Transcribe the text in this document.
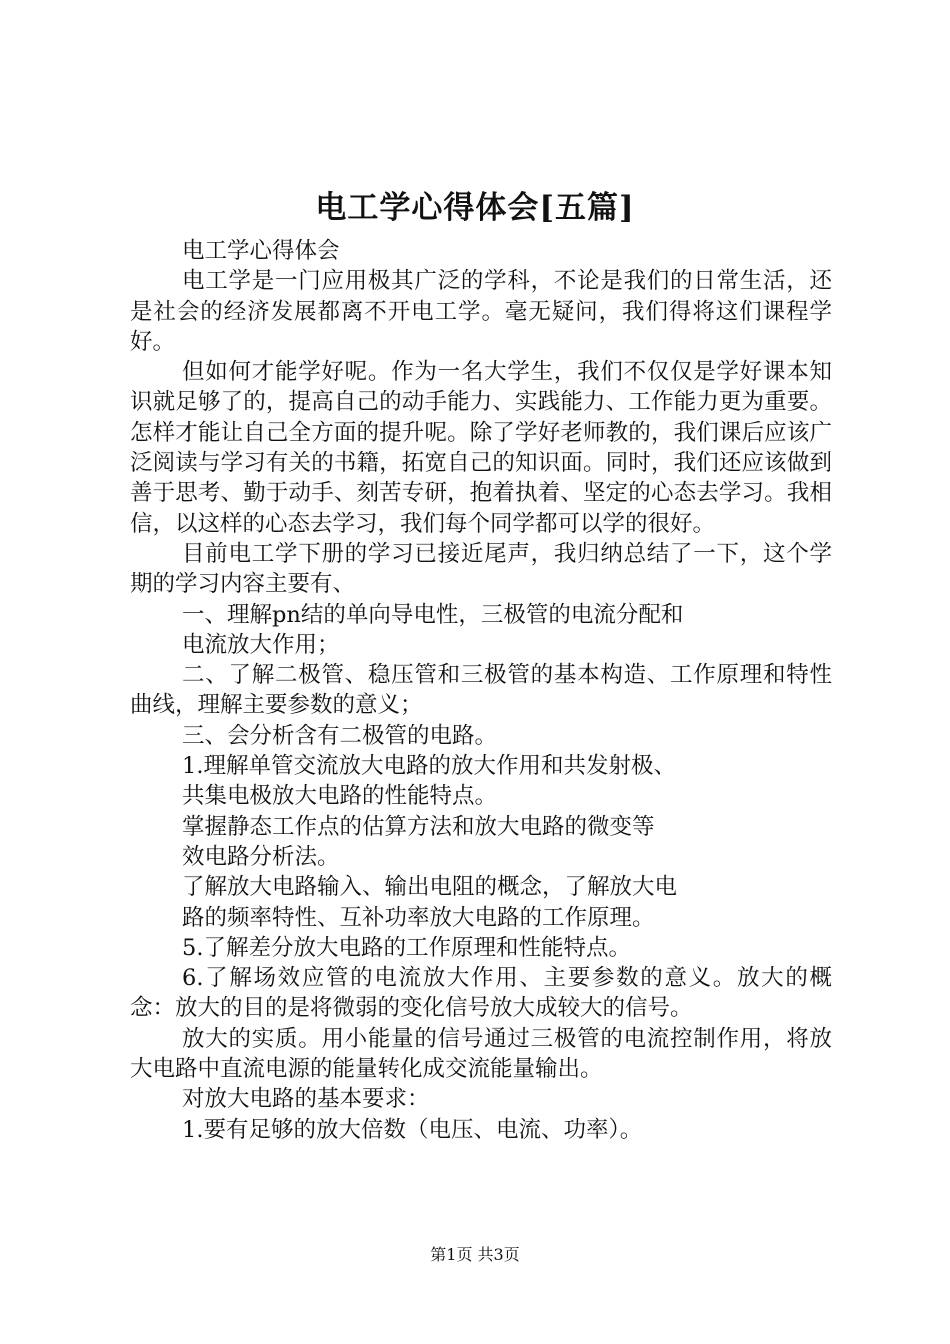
电工学心得体会[五篇]

电工学心得体会

电工学是一门应用极其广泛的学科，不论是我们的日常生活，还是社会的经济发展都离不开电工学。毫无疑问，我们得将这们课程学好。

但如何才能学好呢。作为一名大学生，我们不仅仅是学好课本知识就足够了的，提高自己的动手能力、实践能力、工作能力更为重要。怎样才能让自己全方面的提升呢。除了学好老师教的，我们课后应该广泛阅读与学习有关的书籍，拓宽自己的知识面。同时，我们还应该做到善于思考、勤于动手、刻苦专研，抱着执着、坚定的心态去学习。我相信，以这样的心态去学习，我们每个同学都可以学的很好。

目前电工学下册的学习已接近尾声，我归纳总结了一下，这个学期的学习内容主要有、

一、理解pn结的单向导电性，三极管的电流分配和

电流放大作用；

二、了解二极管、稳压管和三极管的基本构造、工作原理和特性曲线，理解主要参数的意义；

三、会分析含有二极管的电路。

1.理解单管交流放大电路的放大作用和共发射极、

共集电极放大电路的性能特点。

掌握静态工作点的估算方法和放大电路的微变等

效电路分析法。

了解放大电路输入、输出电阻的概念，了解放大电

路的频率特性、互补功率放大电路的工作原理。

5.了解差分放大电路的工作原理和性能特点。

6.了解场效应管的电流放大作用、主要参数的意义。放大的概念：放大的目的是将微弱的变化信号放大成较大的信号。

放大的实质。用小能量的信号通过三极管的电流控制作用，将放大电路中直流电源的能量转化成交流能量输出。

对放大电路的基本要求：

1.要有足够的放大倍数（电压、电流、功率）。

第1页 共3页
